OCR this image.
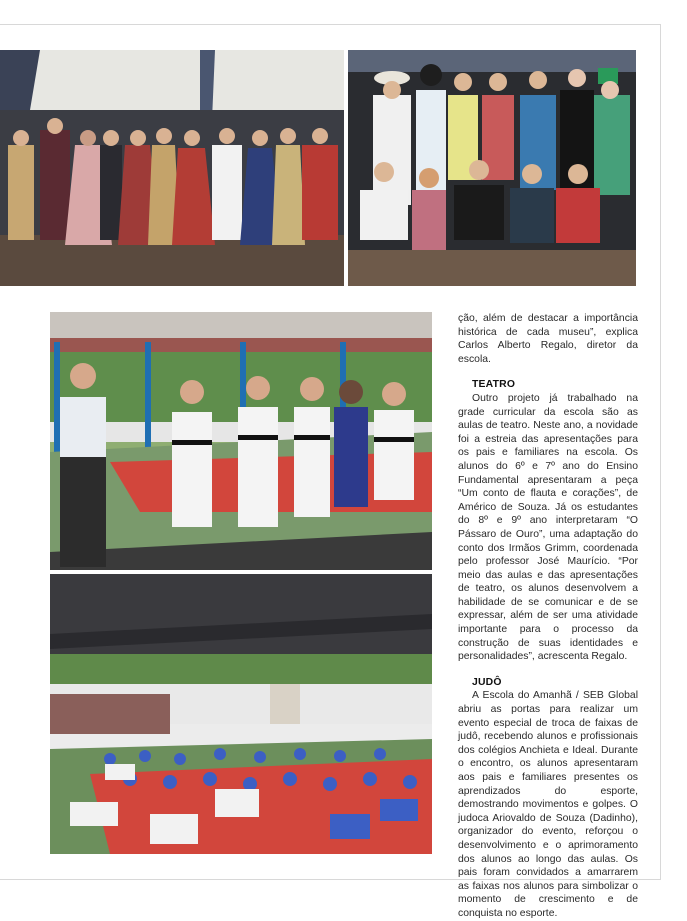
ção, além de destacar a importância histórica de cada museu”, explica Carlos Alberto Regalo, diretor da escola.

TEATRO

Outro projeto já trabalhado na grade curricular da escola são as aulas de teatro. Neste ano, a novidade foi a estreia das apresentações para os pais e familiares na escola. Os alunos do 6º e 7º ano do Ensino Fundamental apresentaram a peça “Um conto de flauta e corações”, de Américo de Souza. Já os estudantes do 8º e 9º ano interpretaram “O Pássaro de Ouro”, uma adaptação do conto dos Irmãos Grimm, coordenada pelo professor José Maurício. “Por meio das aulas e das apresentações de teatro, os alunos desenvolvem a habilidade de se comunicar e de se expressar, além de ser uma atividade importante para o processo da construção de suas identidades e personalidades”, acrescenta Regalo.

JUDÔ

A Escola do Amanhã / SEB Global abriu as portas para realizar um evento especial de troca de faixas de judô, recebendo alunos e profissionais dos colégios Anchieta e Ideal. Durante o encontro, os alunos apresentaram aos pais e familiares presentes os aprendizados do esporte, demostrando movimentos e golpes. O judoca Ariovaldo de Souza (Dadinho), organizador do evento, reforçou o desenvolvimento e o aprimoramento dos alunos ao longo das aulas. Os pais foram convidados a amarrarem as faixas nos alunos para simbolizar o momento de crescimento e de conquista no esporte.
